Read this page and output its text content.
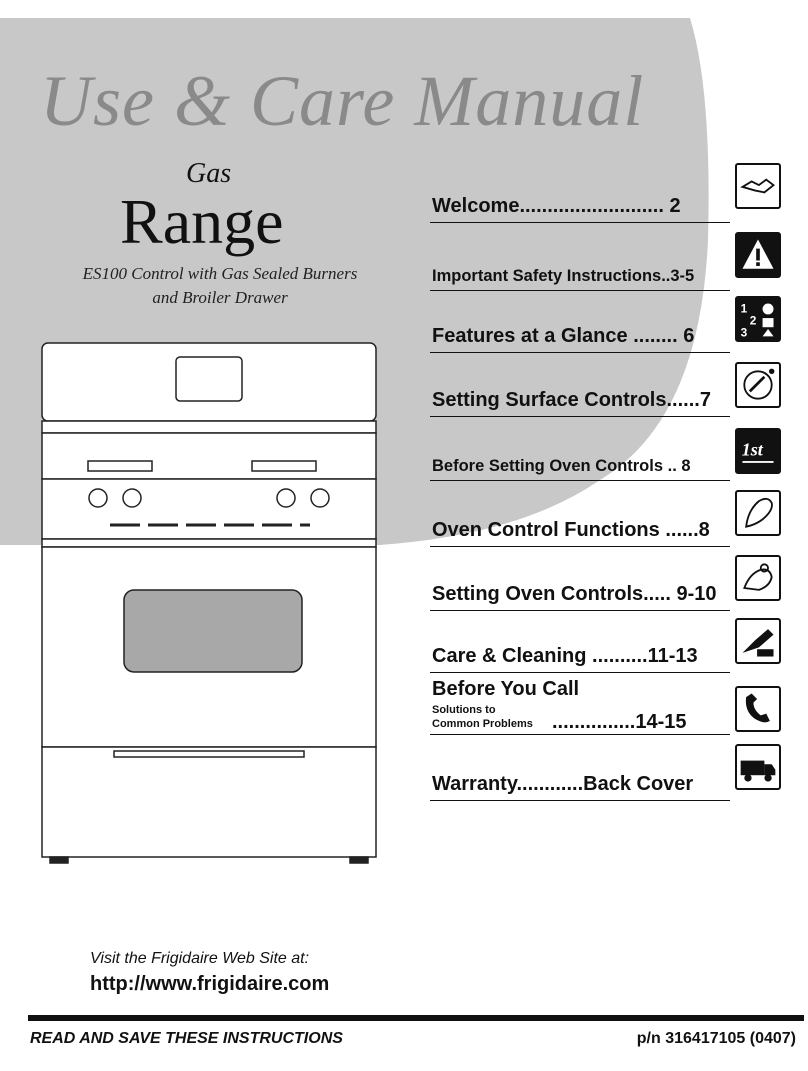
Use & Care Manual
Gas
Range
ES100 Control with Gas Sealed Burners
and Broiler Drawer
Welcome.......................... 2
Important Safety Instructions..3-5
Features at a Glance ........ 6
1
2
3
Setting Surface Controls......7
Before Setting Oven Controls .. 8
1st
Oven Control Functions ......8
Setting Oven Controls..... 9-10
Care & Cleaning ..........11-13
Warranty............Back Cover
Before You Call
Solutions to
Common Problems ...............14-15
Visit the Frigidaire Web Site at:
http://www.frigidaire.com
READ AND SAVE THESE INSTRUCTIONS	p/n 316417105 (0407)
